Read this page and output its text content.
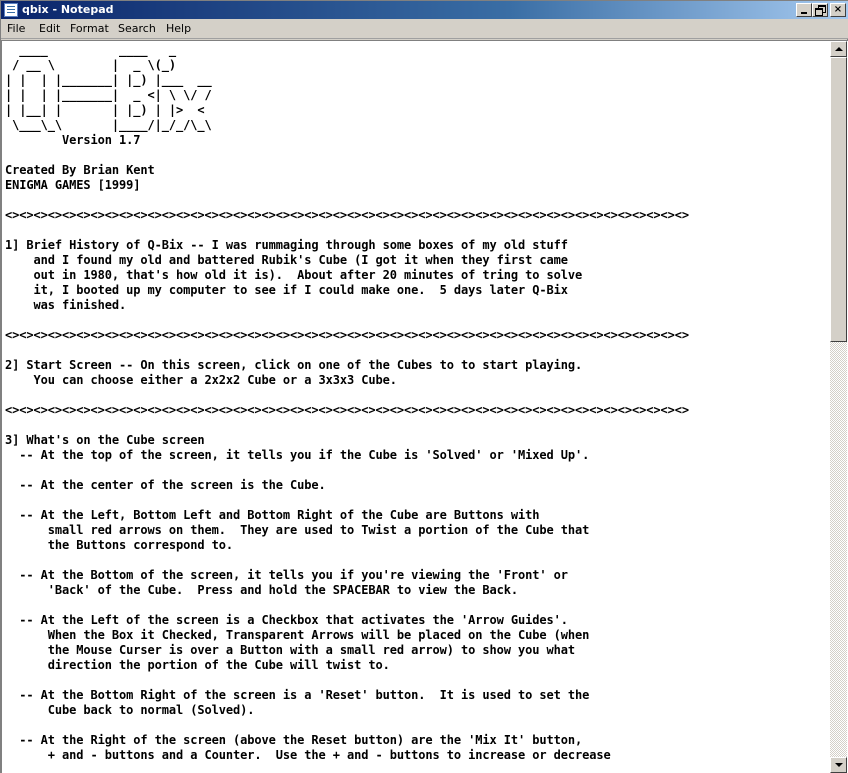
qbix - Notepad	×
File Edit Format Search Help
____          ____   _
/ __ \        |  _ \(_)
| |  | |_______| |_) |___  __
| |  | |_______|  _ <| \ \/ /
| |__| |       | |_) | |>  <
\___\_\       |____/|_/_/\_\
Version 1.7

Created By Brian Kent
ENIGMA GAMES [1999]

<><><><><><><><><><><><><><><><><><><><><><><><><><><><><><><><><><><><><><><><><><><><><><><><>

1] Brief History of Q-Bix -- I was rummaging through some boxes of my old stuff
and I found my old and battered Rubik's Cube (I got it when they first came
out in 1980, that's how old it is).  About after 20 minutes of tring to solve
it, I booted up my computer to see if I could make one.  5 days later Q-Bix
was finished.

<><><><><><><><><><><><><><><><><><><><><><><><><><><><><><><><><><><><><><><><><><><><><><><><>

2] Start Screen -- On this screen, click on one of the Cubes to to start playing.
You can choose either a 2x2x2 Cube or a 3x3x3 Cube.

<><><><><><><><><><><><><><><><><><><><><><><><><><><><><><><><><><><><><><><><><><><><><><><><>

3] What's on the Cube screen
-- At the top of the screen, it tells you if the Cube is 'Solved' or 'Mixed Up'.

-- At the center of the screen is the Cube.

-- At the Left, Bottom Left and Bottom Right of the Cube are Buttons with
small red arrows on them.  They are used to Twist a portion of the Cube that
the Buttons correspond to.

-- At the Bottom of the screen, it tells you if you're viewing the 'Front' or
'Back' of the Cube.  Press and hold the SPACEBAR to view the Back.

-- At the Left of the screen is a Checkbox that activates the 'Arrow Guides'.
When the Box it Checked, Transparent Arrows will be placed on the Cube (when
the Mouse Curser is over a Button with a small red arrow) to show you what
direction the portion of the Cube will twist to.

-- At the Bottom Right of the screen is a 'Reset' button.  It is used to set the
Cube back to normal (Solved).

-- At the Right of the screen (above the Reset button) are the 'Mix It' button,
+ and - buttons and a Counter.  Use the + and - buttons to increase or decrease
